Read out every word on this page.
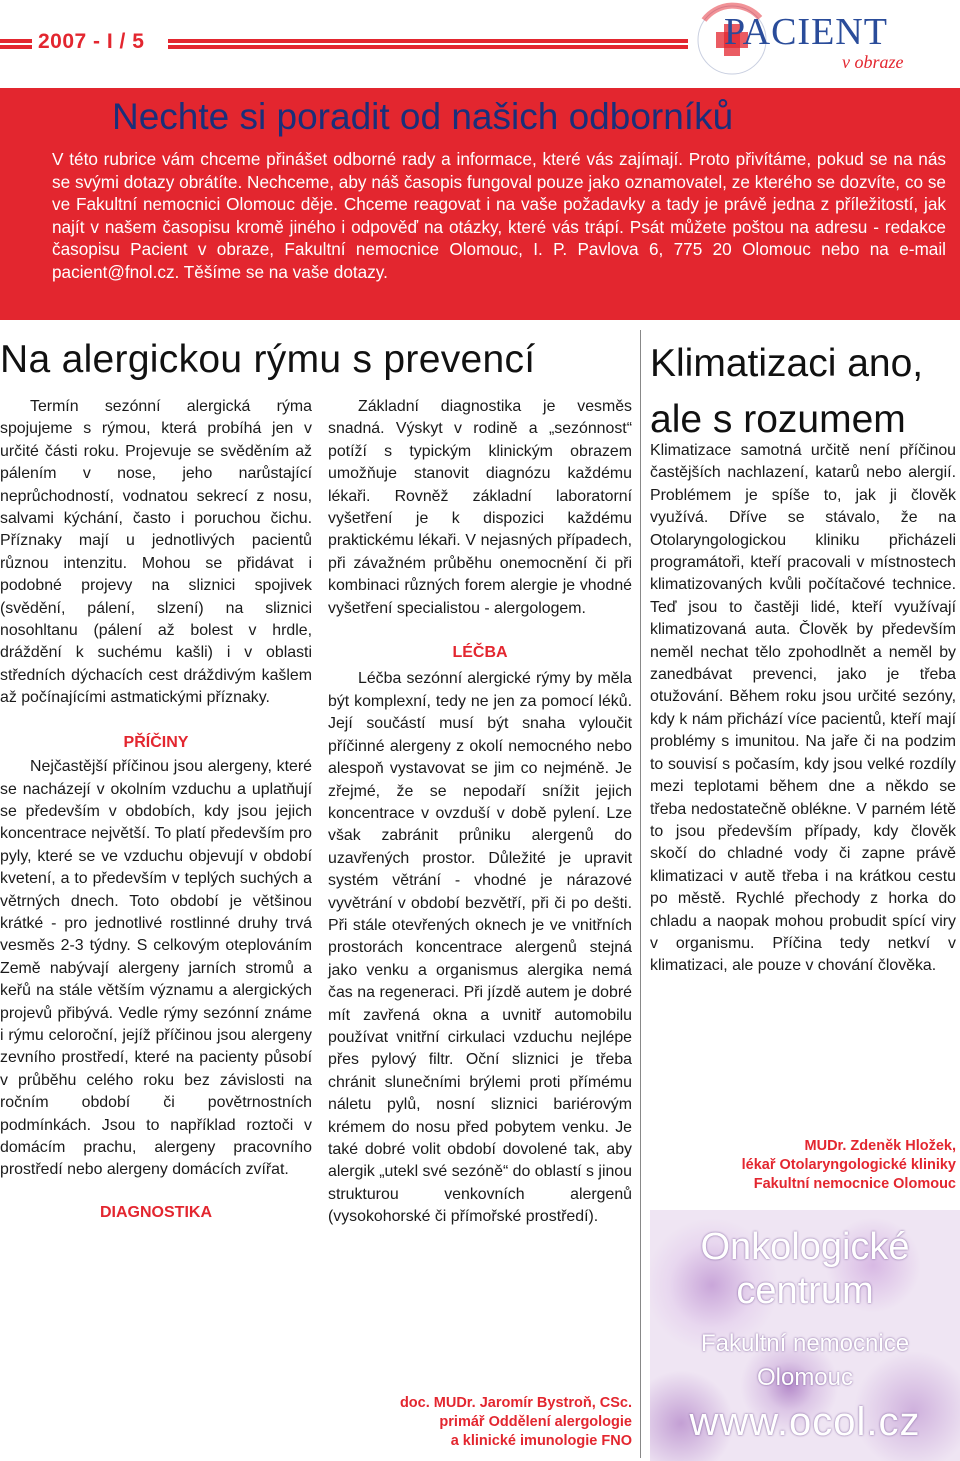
2007 - I / 5	PACIENT
v obraze
Nechte si poradit od našich odborníků

V této rubrice vám chceme přinášet odborné rady a informace, které vás zajímají. Proto přivítáme, pokud se na nás se svými dotazy obrátíte. Nechceme, aby náš časopis fungoval pouze jako oznamovatel, ze kterého se dozvíte, co se ve Fakultní nemocnici Olomouc děje. Chceme reagovat i na vaše požadavky a tady je právě jedna z příležitostí, jak najít v našem časopisu kromě jiného i odpověď na otázky, které vás trápí. Psát můžete poštou na adresu - redakce časopisu Pacient v obraze, Fakultní nemocnice Olomouc, I. P. Pavlova 6, 775 20 Olomouc nebo na e-mail pacient@fnol.cz. Těšíme se na vaše dotazy.

Na alergickou rýmu s prevencí	Klimatizaci ano, ale s rozumem

Termín sezónní alergická rýma spojujeme s rýmou, která probíhá jen v určité části roku. Projevuje se svěděním až pálením v nose, jeho narůstající neprůchodností, vodnatou sekrecí z nosu, salvami kýchání, často i poruchou čichu. Příznaky mají u jednotlivých pacientů různou intenzitu. Mohou se přidávat i podobné projevy na sliznici spojivek (svědění, pálení, slzení) na sliznici nosohltanu (pálení až bolest v hrdle, dráždění k suchému kašli) i v oblasti středních dýchacích cest dráždivým kašlem až počínajícími astmatickými příznaky.

PŘÍČINY

Nejčastější příčinou jsou alergeny, které se nacházejí v okolním vzduchu a uplatňují se především v obdobích, kdy jsou jejich koncentrace největší. To platí především pro pyly, které se ve vzduchu objevují v období kvetení, a to především v teplých suchých a větrných dnech. Toto období je většinou krátké - pro jednotlivé rostlinné druhy trvá vesměs 2-3 týdny. S celkovým oteplováním Země nabývají alergeny jarních stromů a keřů na stále větším významu a alergických projevů přibývá. Vedle rýmy sezónní známe i rýmu celoroční, jejíž příčinou jsou alergeny zevního prostředí, které na pacienty působí v průběhu celého roku bez závislosti na ročním období či povětrnostních podmínkách. Jsou to například roztoči v domácím prachu, alergeny pracovního prostředí nebo alergeny domácích zvířat.

DIAGNOSTIKA

Základní diagnostika je vesměs snadná. Výskyt v rodině a „sezónnost“ potíží s typickým klinickým obrazem umožňuje stanovit diagnózu každému lékaři. Rovněž základní laboratorní vyšetření je k dispozici každému praktickému lékaři. V nejasných případech, při závažném průběhu onemocnění či při kombinaci různých forem alergie je vhodné vyšetření specialistou - alergologem.

LÉČBA

Léčba sezónní alergické rýmy by měla být komplexní, tedy ne jen za pomocí léků. Její součástí musí být snaha vyloučit příčinné alergeny z okolí nemocného nebo alespoň vystavovat se jim co nejméně. Je zřejmé, že se nepodaří snížit jejich koncentrace v ovzduší v době pylení. Lze však zabránit průniku alergenů do uzavřených prostor. Důležité je upravit systém větrání - vhodné je nárazové vyvětrání v období bezvětří, při či po dešti. Při stále otevřených oknech je ve vnitřních prostorách koncentrace alergenů stejná jako venku a organismus alergika nemá čas na regeneraci. Při jízdě autem je dobré mít zavřená okna a uvnitř automobilu používat vnitřní cirkulaci vzduchu nejlépe přes pylový filtr. Oční sliznici je třeba chránit slunečními brýlemi proti přímému náletu pylů, nosní sliznici bariérovým krémem do nosu před pobytem venku. Je také dobré volit období dovolené tak, aby alergik „utekl své sezóně“ do oblastí s jinou strukturou venkovních alergenů (vysokohorské či přímořské prostředí).

doc. MUDr. Jaromír Bystroň, CSc.
primář Oddělení alergologie
a klinické imunologie FNO

Klimatizace samotná určitě není příčinou častějších nachlazení, katarů nebo alergií. Problémem je spíše to, jak ji člověk využívá. Dříve se stávalo, že na Otolaryngologickou kliniku přicházeli programátoři, kteří pracovali v místnostech klimatizovaných kvůli počítačové technice. Teď jsou to častěji lidé, kteří využívají klimatizovaná auta. Člověk by především neměl nechat tělo zpohodlnět a neměl by zanedbávat prevenci, jako je třeba otužování. Během roku jsou určité sezóny, kdy k nám přichází více pacientů, kteří mají problémy s imunitou. Na jaře či na podzim to souvisí s počasím, kdy jsou velké rozdíly mezi teplotami během dne a někdo se třeba nedostatečně oblékne. V parném létě to jsou především případy, kdy člověk skočí do chladné vody či zapne právě klimatizaci v autě třeba i na krátkou cestu po městě. Rychlé přechody z horka do chladu a naopak mohou probudit spící viry v organismu. Příčina tedy netkví v klimatizaci, ale pouze v chování člověka.

MUDr. Zdeněk Hložek,
lékař Otolaryngologické kliniky
Fakultní nemocnice Olomouc
Onkologické
centrum
Fakultní nemocnice
Olomouc
www.ocol.cz
